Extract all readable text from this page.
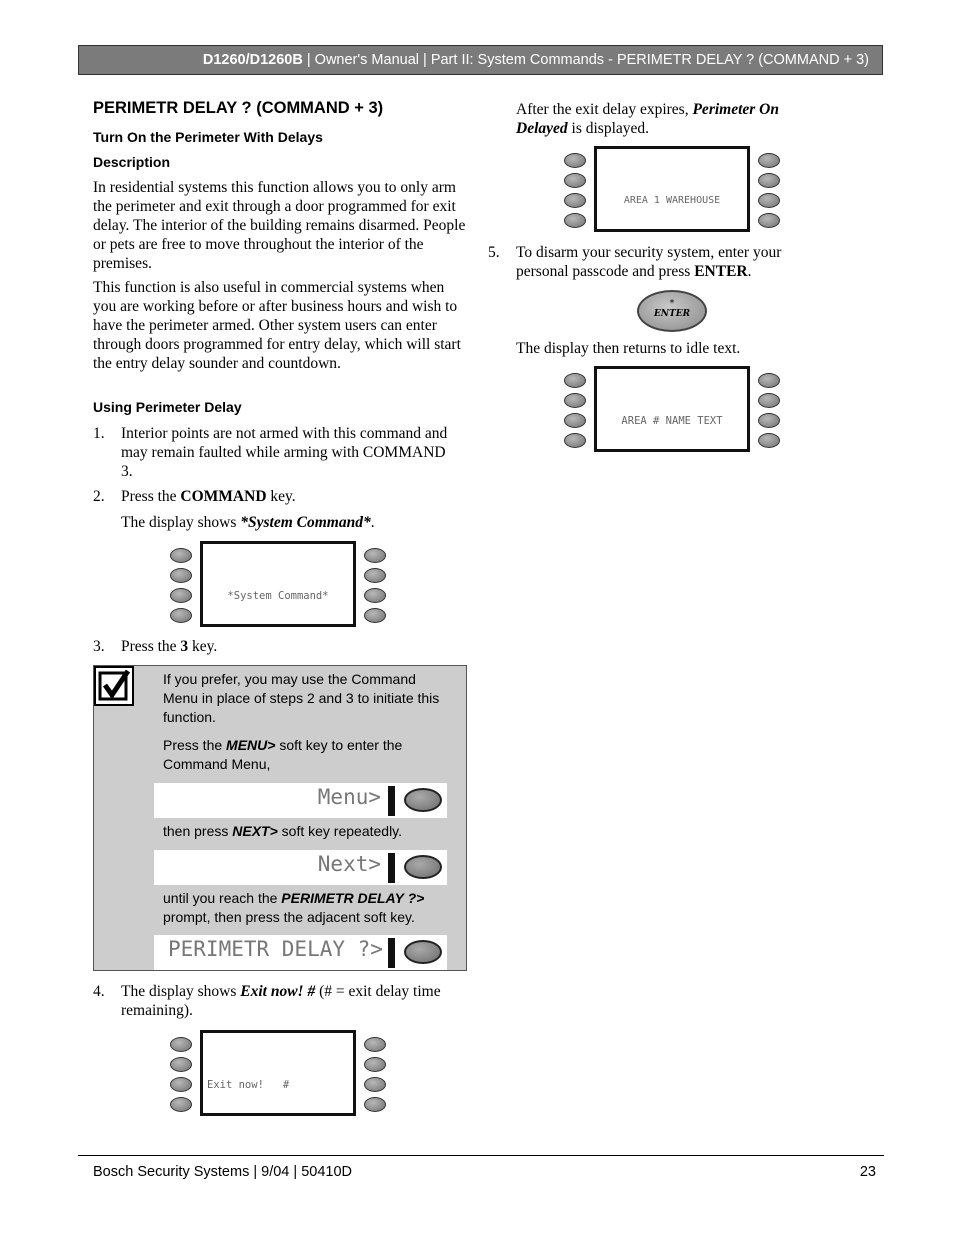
D1260/D1260B | Owner's Manual | Part II: System Commands - PERIMETR DELAY ? (COMMAND + 3)
PERIMETR DELAY ? (COMMAND + 3)
Turn On the Perimeter With Delays
Description
In residential systems this function allows you to only arm the perimeter and exit through a door programmed for exit delay. The interior of the building remains disarmed. People or pets are free to move throughout the interior of the premises.
This function is also useful in commercial systems when you are working before or after business hours and wish to have the perimeter armed. Other system users can enter through doors programmed for entry delay, which will start the entry delay sounder and countdown.
Using Perimeter Delay
1. Interior points are not armed with this command and may remain faulted while arming with COMMAND 3.
2. Press the COMMAND key.
The display shows *System Command*.

*System Command*

3. Press the 3 key.
If you prefer, you may use the Command Menu in place of steps 2 and 3 to initiate this function.
Press the MENU> soft key to enter the Command Menu,
Menu>
then press NEXT> soft key repeatedly.
Next>
until you reach the PERIMETR DELAY ?> prompt, then press the adjacent soft key.
PERIMETR DELAY ?>
4. The display shows Exit now! # (# = exit delay time remaining).

Exit now!   #

After the exit delay expires, Perimeter On Delayed is displayed.

AREA 1 WAREHOUSE

5. To disarm your security system, enter your personal passcode and press ENTER.
*
ENTER
The display then returns to idle text.

AREA # NAME TEXT

Bosch Security Systems | 9/04 | 50410D	23
